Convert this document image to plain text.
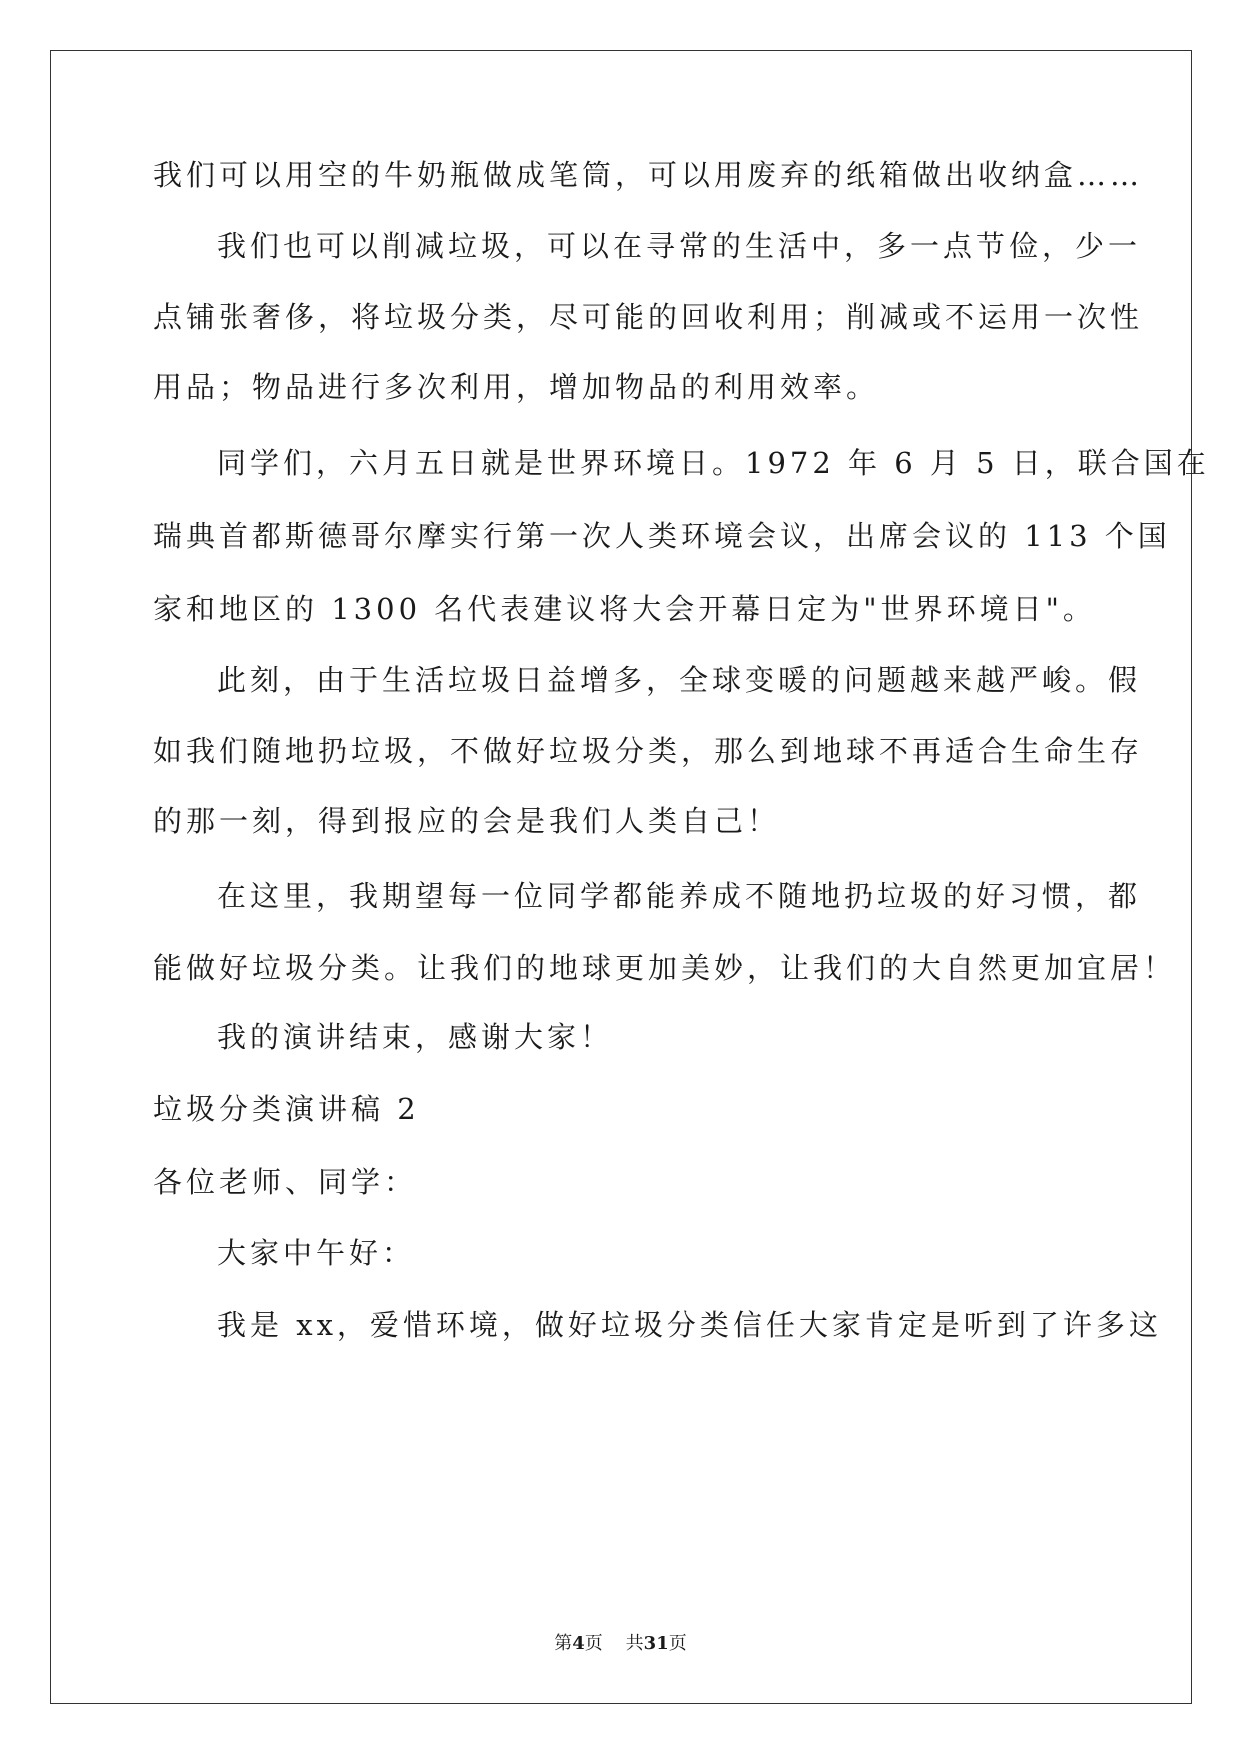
我们可以用空的牛奶瓶做成笔筒，可以用废弃的纸箱做出收纳盒……
我们也可以削减垃圾，可以在寻常的生活中，多一点节俭，少一
点铺张奢侈，将垃圾分类，尽可能的回收利用；削减或不运用一次性
用品；物品进行多次利用，增加物品的利用效率。
同学们，六月五日就是世界环境日。1972 年 6 月 5 日，联合国在
瑞典首都斯德哥尔摩实行第一次人类环境会议，出席会议的 113 个国
家和地区的 1300 名代表建议将大会开幕日定为"世界环境日"。
此刻，由于生活垃圾日益增多，全球变暖的问题越来越严峻。假
如我们随地扔垃圾，不做好垃圾分类，那么到地球不再适合生命生存
的那一刻，得到报应的会是我们人类自己！
在这里，我期望每一位同学都能养成不随地扔垃圾的好习惯，都
能做好垃圾分类。让我们的地球更加美妙，让我们的大自然更加宜居！
我的演讲结束，感谢大家！
垃圾分类演讲稿 2
各位老师、同学：
大家中午好：
我是 xx，爱惜环境，做好垃圾分类信任大家肯定是听到了许多这
第4页 共31页
